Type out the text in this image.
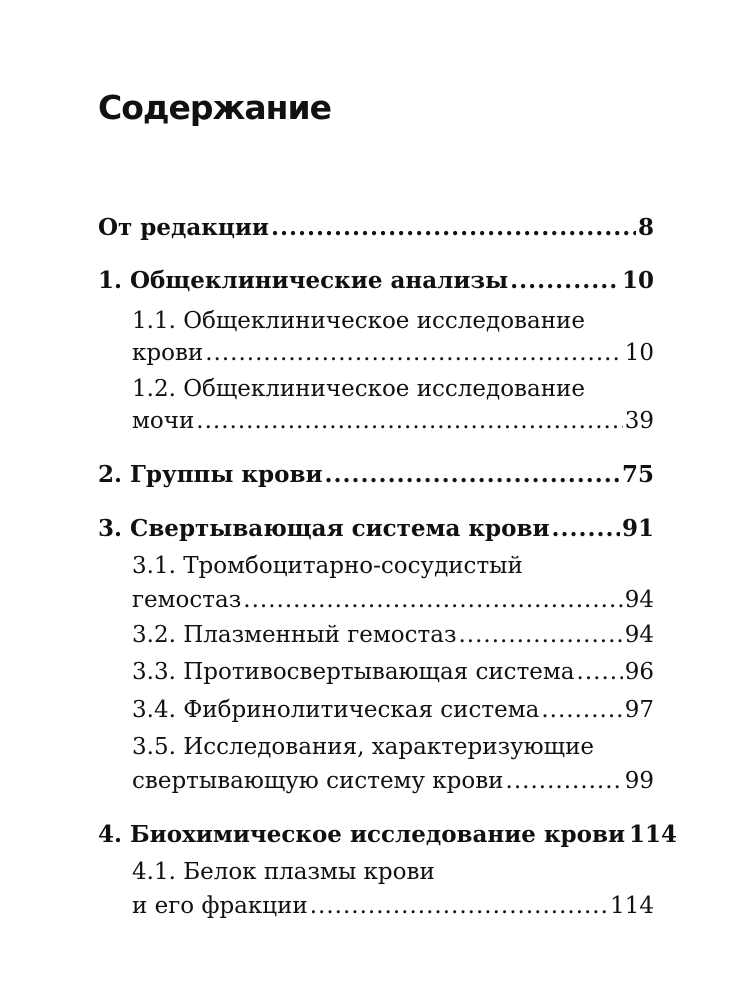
Содержание
От редакции .....	8
1. Общеклинические анализы .....	10
1.1. Общеклиническое исследование
крови .....	10
1.2. Общеклиническое исследование
мочи .....	39
2. Группы крови .....	75
3. Свертывающая система крови .....	91
3.1. Тромбоцитарно-сосудистый
гемостаз .....	94
3.2. Плазменный гемостаз .....	94
3.3. Противосвертывающая система ..... 96
3.4. Фибринолитическая система .....	97
3.5. Исследования, характеризующие
свертывающую систему крови .....	99
4. Биохимическое исследование крови 114
4.1. Белок плазмы крови
и его фракции .....	114
